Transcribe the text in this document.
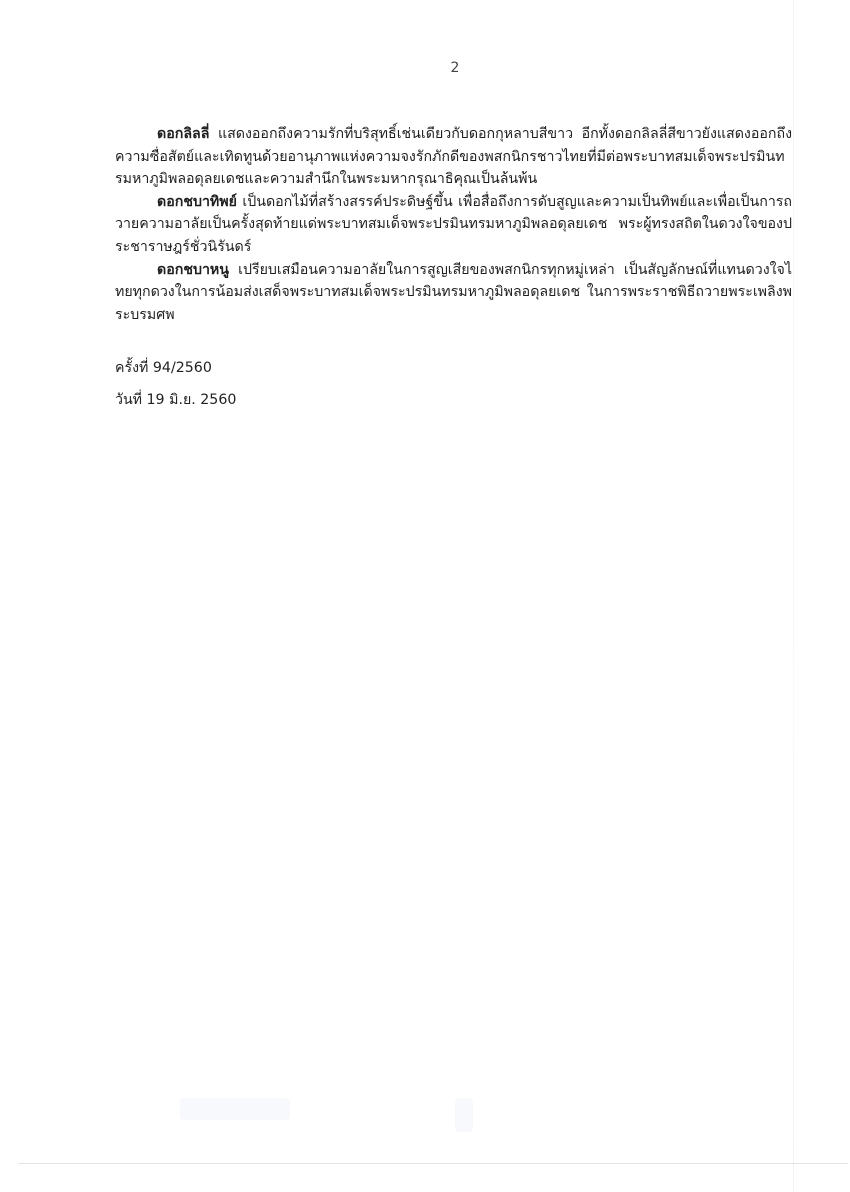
2

ดอกลิลลี่ แสดงออกถึงความรักที่บริสุทธิ์เช่นเดียวกับดอกกุหลาบสีขาว อีกทั้งดอกลิลลี่สีขาวยังแสดงออกถึงความซื่อสัตย์และเทิดทูนด้วยอานุภาพแห่งความจงรักภักดีของพสกนิกรชาวไทยที่มีต่อพระบาทสมเด็จพระปรมินทรมหาภูมิพลอดุลยเดชและความสำนึกในพระมหากรุณาธิคุณเป็นล้นพ้น

ดอกชบาทิพย์ เป็นดอกไม้ที่สร้างสรรค์ประดิษฐ์ขึ้น เพื่อสื่อถึงการดับสูญและความเป็นทิพย์และเพื่อเป็นการถวายความอาลัยเป็นครั้งสุดท้ายแด่พระบาทสมเด็จพระปรมินทรมหาภูมิพลอดุลยเดช พระผู้ทรงสถิตในดวงใจของประชาราษฎร์ชั่วนิรันดร์

ดอกชบาหนู เปรียบเสมือนความอาลัยในการสูญเสียของพสกนิกรทุกหมู่เหล่า เป็นสัญลักษณ์ที่แทนดวงใจไทยทุกดวงในการน้อมส่งเสด็จพระบาทสมเด็จพระปรมินทรมหาภูมิพลอดุลยเดช ในการพระราชพิธีถวายพระเพลิงพระบรมศพ

ครั้งที่ 94/2560
วันที่ 19 มิ.ย. 2560
